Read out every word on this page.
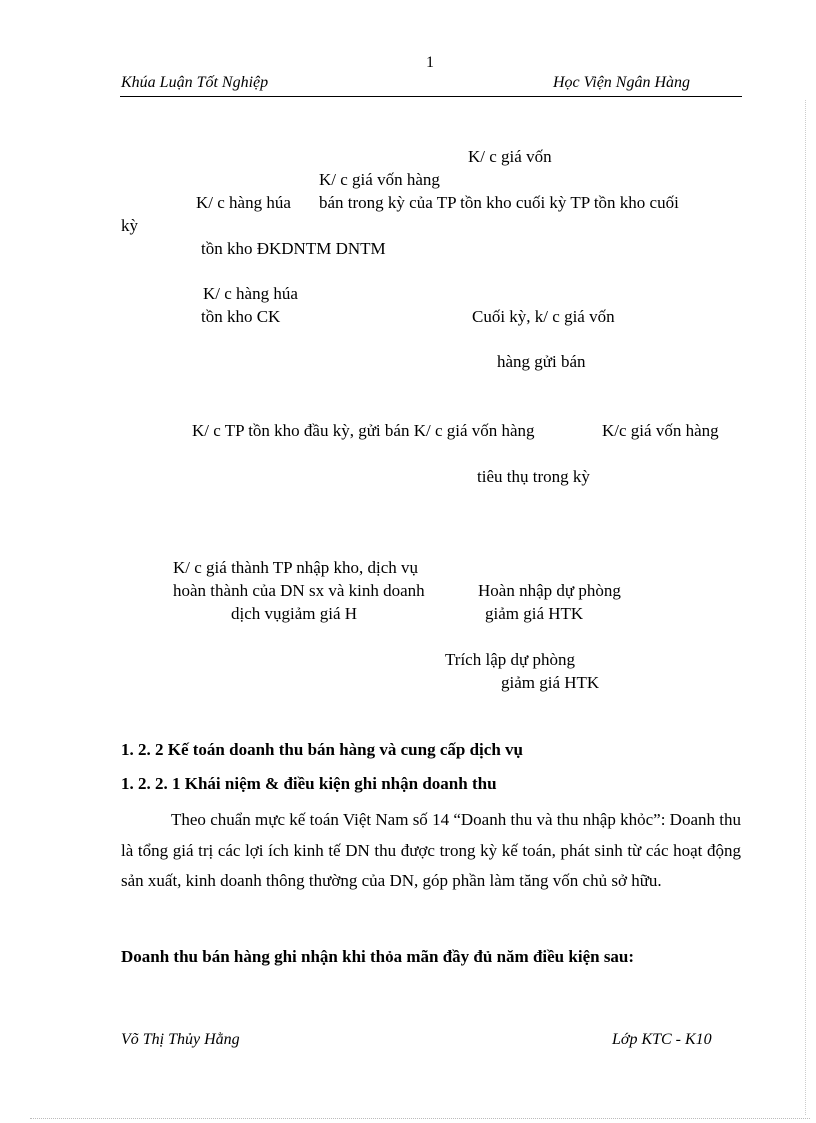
1
Khúa Luận Tốt Nghiệp	Học Viện Ngân Hàng
K/ c giá vốn
K/ c giá vốn hàng
K/ c hàng húa bán trong kỳ của TP tồn kho cuối kỳ TP tồn kho cuối
kỳ
tồn kho ĐKDNTM DNTM
K/ c hàng húa
tồn kho CK	Cuối kỳ, k/ c giá vốn
hàng gửi bán
K/ c TP tồn kho đầu kỳ, gửi bán K/ c giá vốn hàng	K/c giá vốn hàng
tiêu thụ trong kỳ
K/ c giá thành TP nhập kho, dịch vụ
hoàn thành của DN sx và kinh doanh
dịch vụgiảm giá H
Hoàn nhập dự phòng
giảm giá HTK
Trích lập dự phòng
giảm giá HTK
1. 2. 2 Kế toán doanh thu bán hàng và cung cấp dịch vụ
1. 2. 2. 1 Khái niệm & điều kiện ghi nhận doanh thu
Theo chuẩn mực kế toán Việt Nam số 14 “Doanh thu và thu nhập khỏc”: Doanh thu là tổng giá trị các lợi ích kinh tế DN thu được trong kỳ kế toán, phát sinh từ các hoạt động sản xuất, kinh doanh thông thường của DN, góp phần làm tăng vốn chủ sở hữu.
Doanh thu bán hàng ghi nhận khi thỏa mãn đầy đủ năm điều kiện sau:
Võ Thị Thủy Hằng	Lớp KTC - K10
